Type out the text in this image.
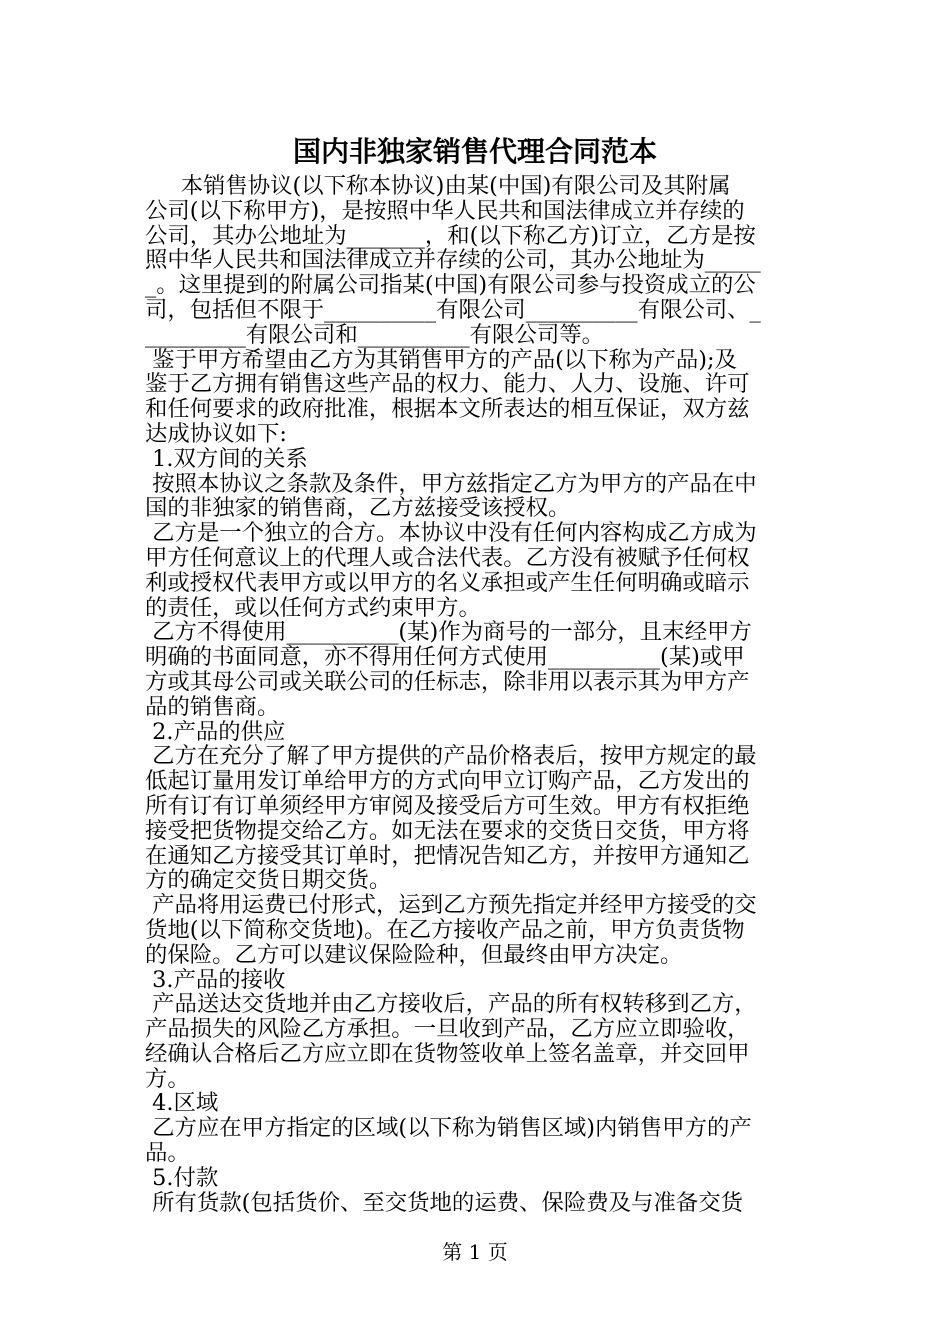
国内非独家销售代理合同范本
本销售协议(以下称本协议)由某(中国)有限公司及其附属
公司(以下称甲方)，是按照中华人民共和国法律成立并存续的
公司，其办公地址为_______，和(以下称乙方)订立，乙方是按
照中华人民共和国法律成立并存续的公司，其办公地址为_____
_。这里提到的附属公司指某(中国)有限公司参与投资成立的公
司，包括但不限于__________有限公司__________有限公司、_
_________有限公司和__________有限公司等。
鉴于甲方希望由乙方为其销售甲方的产品(以下称为产品);及
鉴于乙方拥有销售这些产品的权力、能力、人力、设施、许可
和任何要求的政府批准，根据本文所表达的相互保证，双方兹
达成协议如下:
1.双方间的关系
按照本协议之条款及条件，甲方兹指定乙方为甲方的产品在中
国的非独家的销售商，乙方兹接受该授权。
乙方是一个独立的合方。本协议中没有任何内容构成乙方成为
甲方任何意议上的代理人或合法代表。乙方没有被赋予任何权
利或授权代表甲方或以甲方的名义承担或产生任何明确或暗示
的责任，或以任何方式约束甲方。
乙方不得使用__________(某)作为商号的一部分，且末经甲方
明确的书面同意，亦不得用任何方式使用__________(某)或甲
方或其母公司或关联公司的任标志，除非用以表示其为甲方产
品的销售商。
2.产品的供应
乙方在充分了解了甲方提供的产品价格表后，按甲方规定的最
低起订量用发订单给甲方的方式向甲立订购产品，乙方发出的
所有订有订单须经甲方审阅及接受后方可生效。甲方有权拒绝
接受把货物提交给乙方。如无法在要求的交货日交货，甲方将
在通知乙方接受其订单时，把情况告知乙方，并按甲方通知乙
方的确定交货日期交货。
产品将用运费已付形式，运到乙方预先指定并经甲方接受的交
货地(以下简称交货地)。在乙方接收产品之前，甲方负责货物
的保险。乙方可以建议保险险种，但最终由甲方决定。
3.产品的接收
产品送达交货地并由乙方接收后，产品的所有权转移到乙方，
产品损失的风险乙方承担。一旦收到产品，乙方应立即验收，
经确认合格后乙方应立即在货物签收单上签名盖章，并交回甲
方。
4.区域
乙方应在甲方指定的区域(以下称为销售区域)内销售甲方的产
品。
5.付款
所有货款(包括货价、至交货地的运费、保险费及与准备交货
第 1 页
